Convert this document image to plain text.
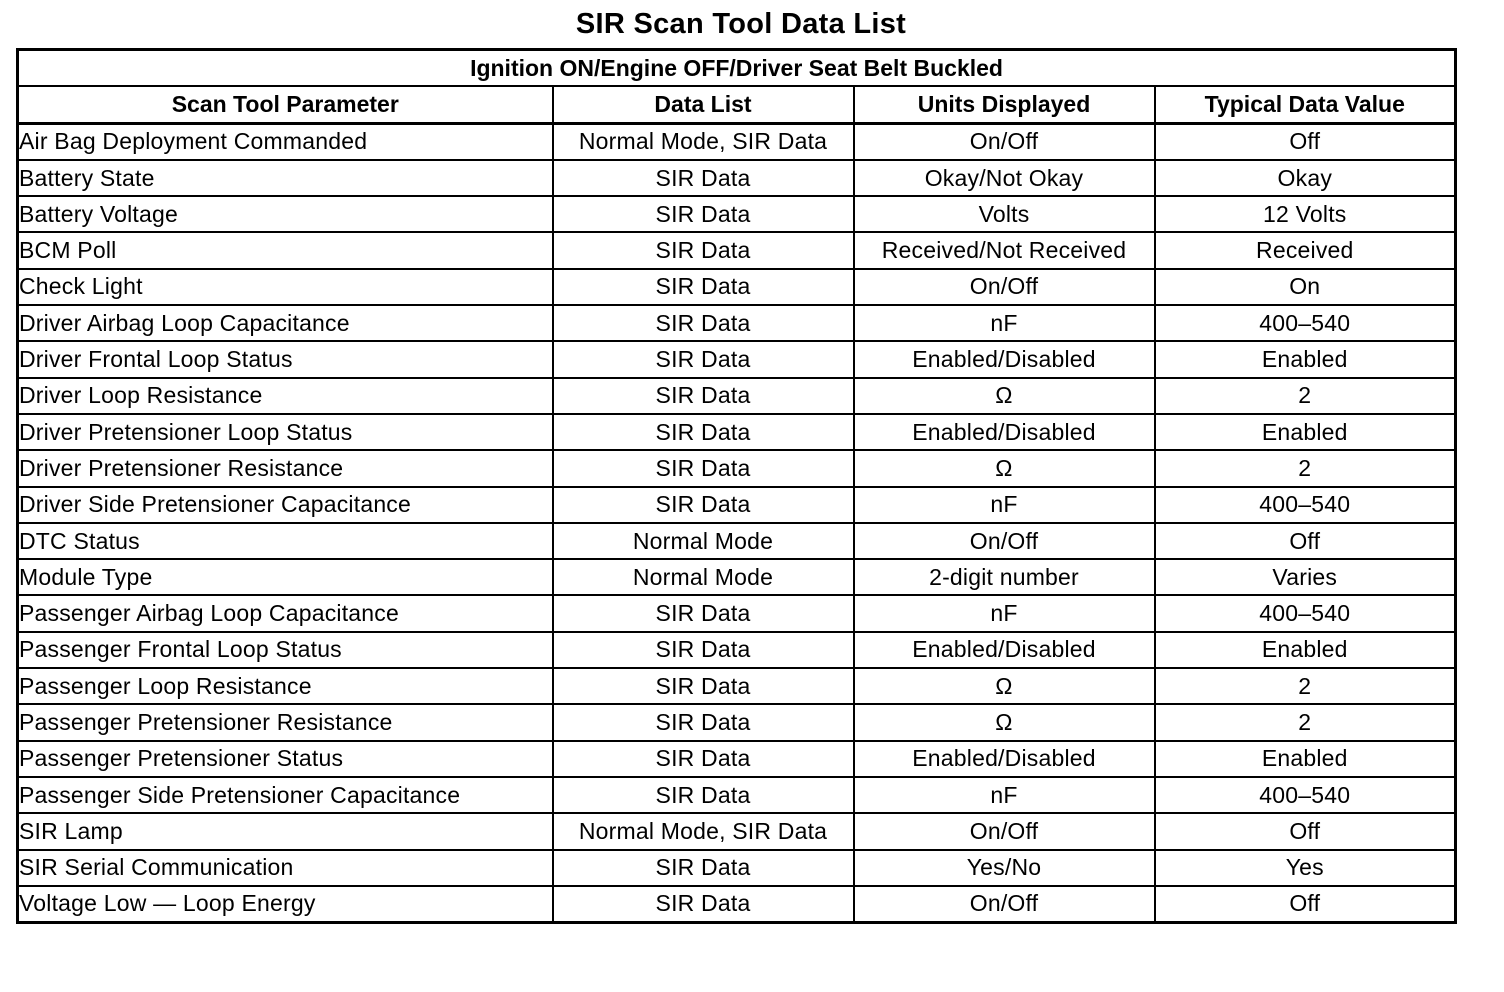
SIR Scan Tool Data List
Ignition ON/Engine OFF/Driver Seat Belt Buckled			
Scan Tool Parameter	Data List	Units Displayed	Typical Data Value
Air Bag Deployment Commanded	Normal Mode, SIR Data	On/Off	Off
Battery State	SIR Data	Okay/Not Okay	Okay
Battery Voltage	SIR Data	Volts	12 Volts
BCM Poll	SIR Data	Received/Not Received	Received
Check Light	SIR Data	On/Off	On
Driver Airbag Loop Capacitance	SIR Data	nF	400–540
Driver Frontal Loop Status	SIR Data	Enabled/Disabled	Enabled
Driver Loop Resistance	SIR Data	Ω	2
Driver Pretensioner Loop Status	SIR Data	Enabled/Disabled	Enabled
Driver Pretensioner Resistance	SIR Data	Ω	2
Driver Side Pretensioner Capacitance	SIR Data	nF	400–540
DTC Status	Normal Mode	On/Off	Off
Module Type	Normal Mode	2-digit number	Varies
Passenger Airbag Loop Capacitance	SIR Data	nF	400–540
Passenger Frontal Loop Status	SIR Data	Enabled/Disabled	Enabled
Passenger Loop Resistance	SIR Data	Ω	2
Passenger Pretensioner Resistance	SIR Data	Ω	2
Passenger Pretensioner Status	SIR Data	Enabled/Disabled	Enabled
Passenger Side Pretensioner Capacitance	SIR Data	nF	400–540
SIR Lamp	Normal Mode, SIR Data	On/Off	Off
SIR Serial Communication	SIR Data	Yes/No	Yes
Voltage Low — Loop Energy	SIR Data	On/Off	Off
